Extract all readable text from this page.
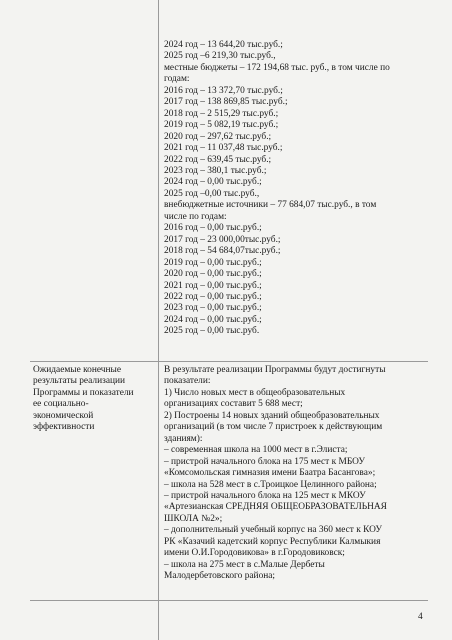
2024 год – 13 644,20 тыс.руб.;
2025 год –6 219,30 тыс.руб.,
местные бюджеты – 172 194,68 тыс. руб., в том числе по
годам:
2016 год – 13 372,70 тыс.руб.;
2017 год – 138 869,85 тыс.руб.;
2018 год – 2 515,29 тыс.руб.;
2019 год – 5 082,19 тыс.руб.;
2020 год – 297,62 тыс.руб.;
2021 год – 11 037,48 тыс.руб.;
2022 год – 639,45 тыс.руб.;
2023 год – 380,1 тыс.руб.;
2024 год – 0,00 тыс.руб.;
2025 год –0,00 тыс.руб.,
внебюджетные источники – 77 684,07 тыс.руб., в том
числе по годам:
2016 год – 0,00 тыс.руб.;
2017 год – 23 000,00тыс.руб.;
2018 год – 54 684,07тыс.руб.;
2019 год – 0,00 тыс.руб.;
2020 год – 0,00 тыс.руб.;
2021 год – 0,00 тыс.руб.;
2022 год – 0,00 тыс.руб.;
2023 год – 0,00 тыс.руб.;
2024 год – 0,00 тыс.руб.;
2025 год – 0,00 тыс.руб.
Ожидаемые конечные
результаты реализации
Программы и показатели
ее социально-
экономической
эффективности
В результате реализации Программы будут достигнуты
показатели:
1) Число новых мест в общеобразовательных
организациях составит 5 688 мест;
2) Построены 14 новых зданий общеобразовательных
организаций (в том числе 7 пристроек к действующим
зданиям):
– современная школа на 1000 мест в г.Элиста;
– пристрой начального блока на 175 мест к МБОУ
«Комсомольская гимназия имени Баатра Басангова»;
– школа на 528 мест в с.Троицкое Целинного района;
– пристрой начального блока на 125 мест к МКОУ
«Артезианская СРЕДНЯЯ ОБЩЕОБРАЗОВАТЕЛЬНАЯ
ШКОЛА №2»;
– дополнительный учебный корпус на 360 мест к КОУ
РК «Казачий кадетский корпус Республики Калмыкия
имени О.И.Городовикова» в г.Городовиковск;
– школа на 275 мест в с.Малые Дербеты
Малодербетовского района;
4
